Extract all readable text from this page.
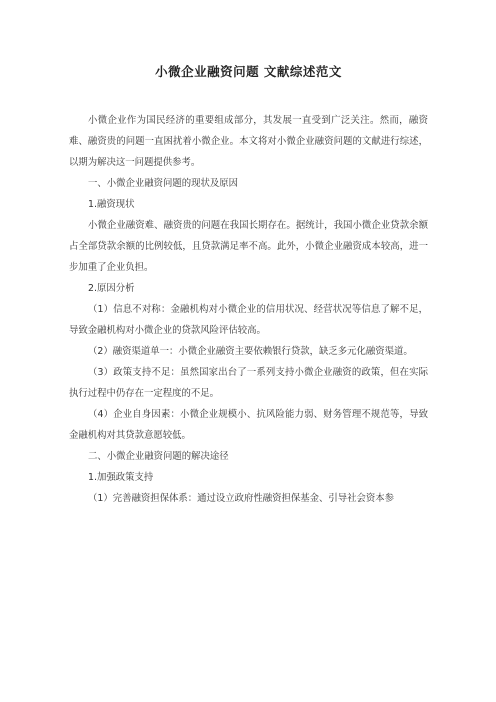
小微企业融资问题 文献综述范文

小微企业作为国民经济的重要组成部分，其发展一直受到广泛关注。然而，融资难、融资贵的问题一直困扰着小微企业。本文将对小微企业融资问题的文献进行综述，以期为解决这一问题提供参考。

一、小微企业融资问题的现状及原因

1.融资现状

小微企业融资难、融资贵的问题在我国长期存在。据统计，我国小微企业贷款余额占全部贷款余额的比例较低，且贷款满足率不高。此外，小微企业融资成本较高，进一步加重了企业负担。

2.原因分析

（1）信息不对称：金融机构对小微企业的信用状况、经营状况等信息了解不足，导致金融机构对小微企业的贷款风险评估较高。

（2）融资渠道单一：小微企业融资主要依赖银行贷款，缺乏多元化融资渠道。

（3）政策支持不足：虽然国家出台了一系列支持小微企业融资的政策，但在实际执行过程中仍存在一定程度的不足。

（4）企业自身因素：小微企业规模小、抗风险能力弱、财务管理不规范等，导致金融机构对其贷款意愿较低。

二、小微企业融资问题的解决途径

1.加强政策支持

（1）完善融资担保体系：通过设立政府性融资担保基金、引导社会资本参
